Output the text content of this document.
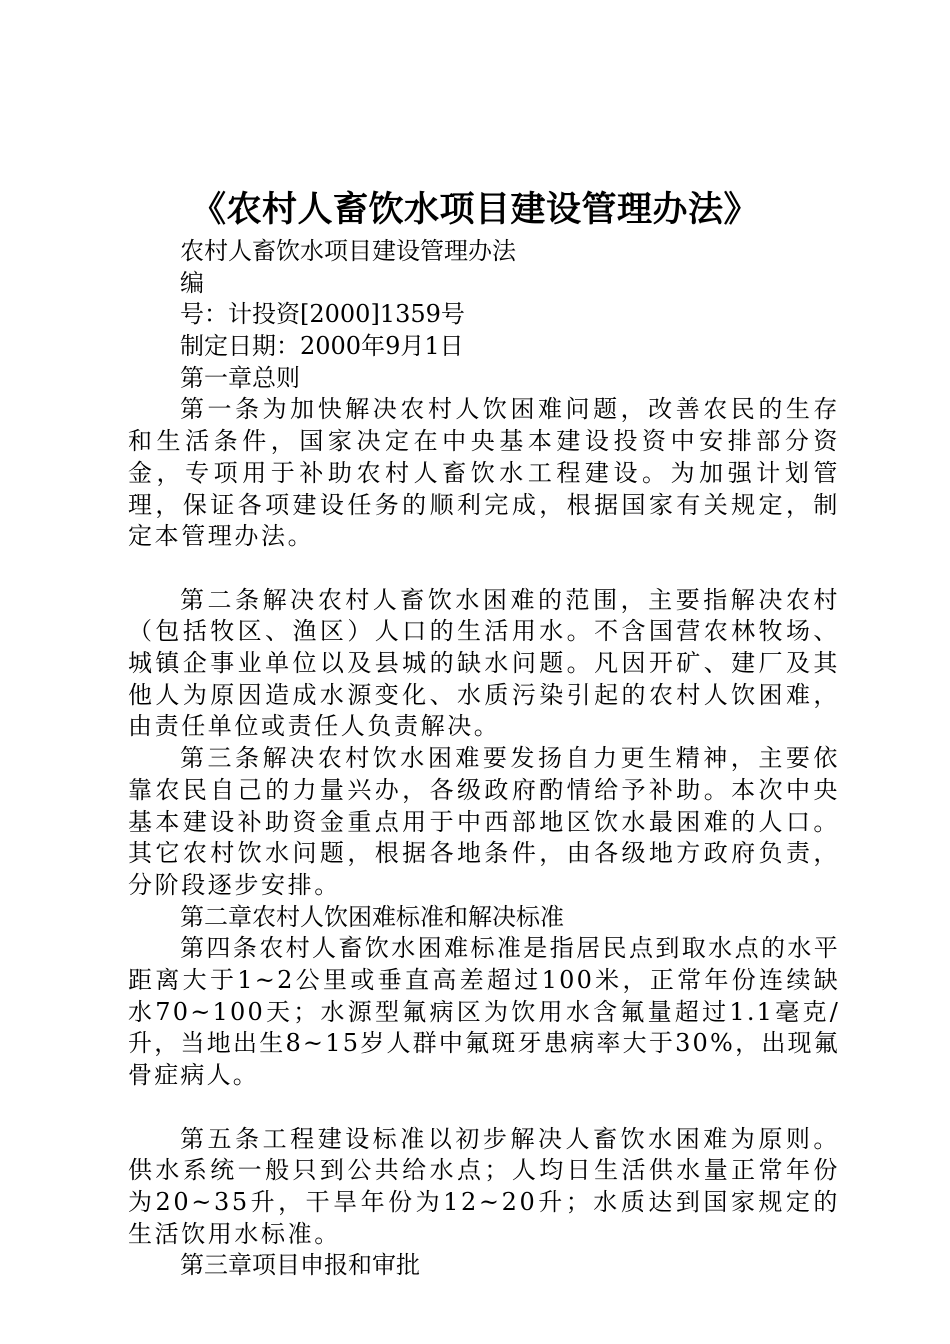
《农村人畜饮水项目建设管理办法》

农村人畜饮水项目建设管理办法

编

号：计投资[2000]1359号

制定日期：2000年9月1日

第一章总则

第一条为加快解决农村人饮困难问题，改善农民的生存和生活条件，国家决定在中央基本建设投资中安排部分资金，专项用于补助农村人畜饮水工程建设。为加强计划管理，保证各项建设任务的顺利完成，根据国家有关规定，制定本管理办法。

第二条解决农村人畜饮水困难的范围，主要指解决农村（包括牧区、渔区）人口的生活用水。不含国营农林牧场、城镇企事业单位以及县城的缺水问题。凡因开矿、建厂及其他人为原因造成水源变化、水质污染引起的农村人饮困难，由责任单位或责任人负责解决。

第三条解决农村饮水困难要发扬自力更生精神，主要依靠农民自己的力量兴办，各级政府酌情给予补助。本次中央基本建设补助资金重点用于中西部地区饮水最困难的人口。其它农村饮水问题，根据各地条件，由各级地方政府负责，分阶段逐步安排。

第二章农村人饮困难标准和解决标准

第四条农村人畜饮水困难标准是指居民点到取水点的水平距离大于1~2公里或垂直高差超过100米，正常年份连续缺水70~100天；水源型氟病区为饮用水含氟量超过1.1毫克/升，当地出生8~15岁人群中氟斑牙患病率大于30%，出现氟骨症病人。

第五条工程建设标准以初步解决人畜饮水困难为原则。供水系统一般只到公共给水点；人均日生活供水量正常年份为20~35升，干旱年份为12~20升；水质达到国家规定的生活饮用水标准。

第三章项目申报和审批
